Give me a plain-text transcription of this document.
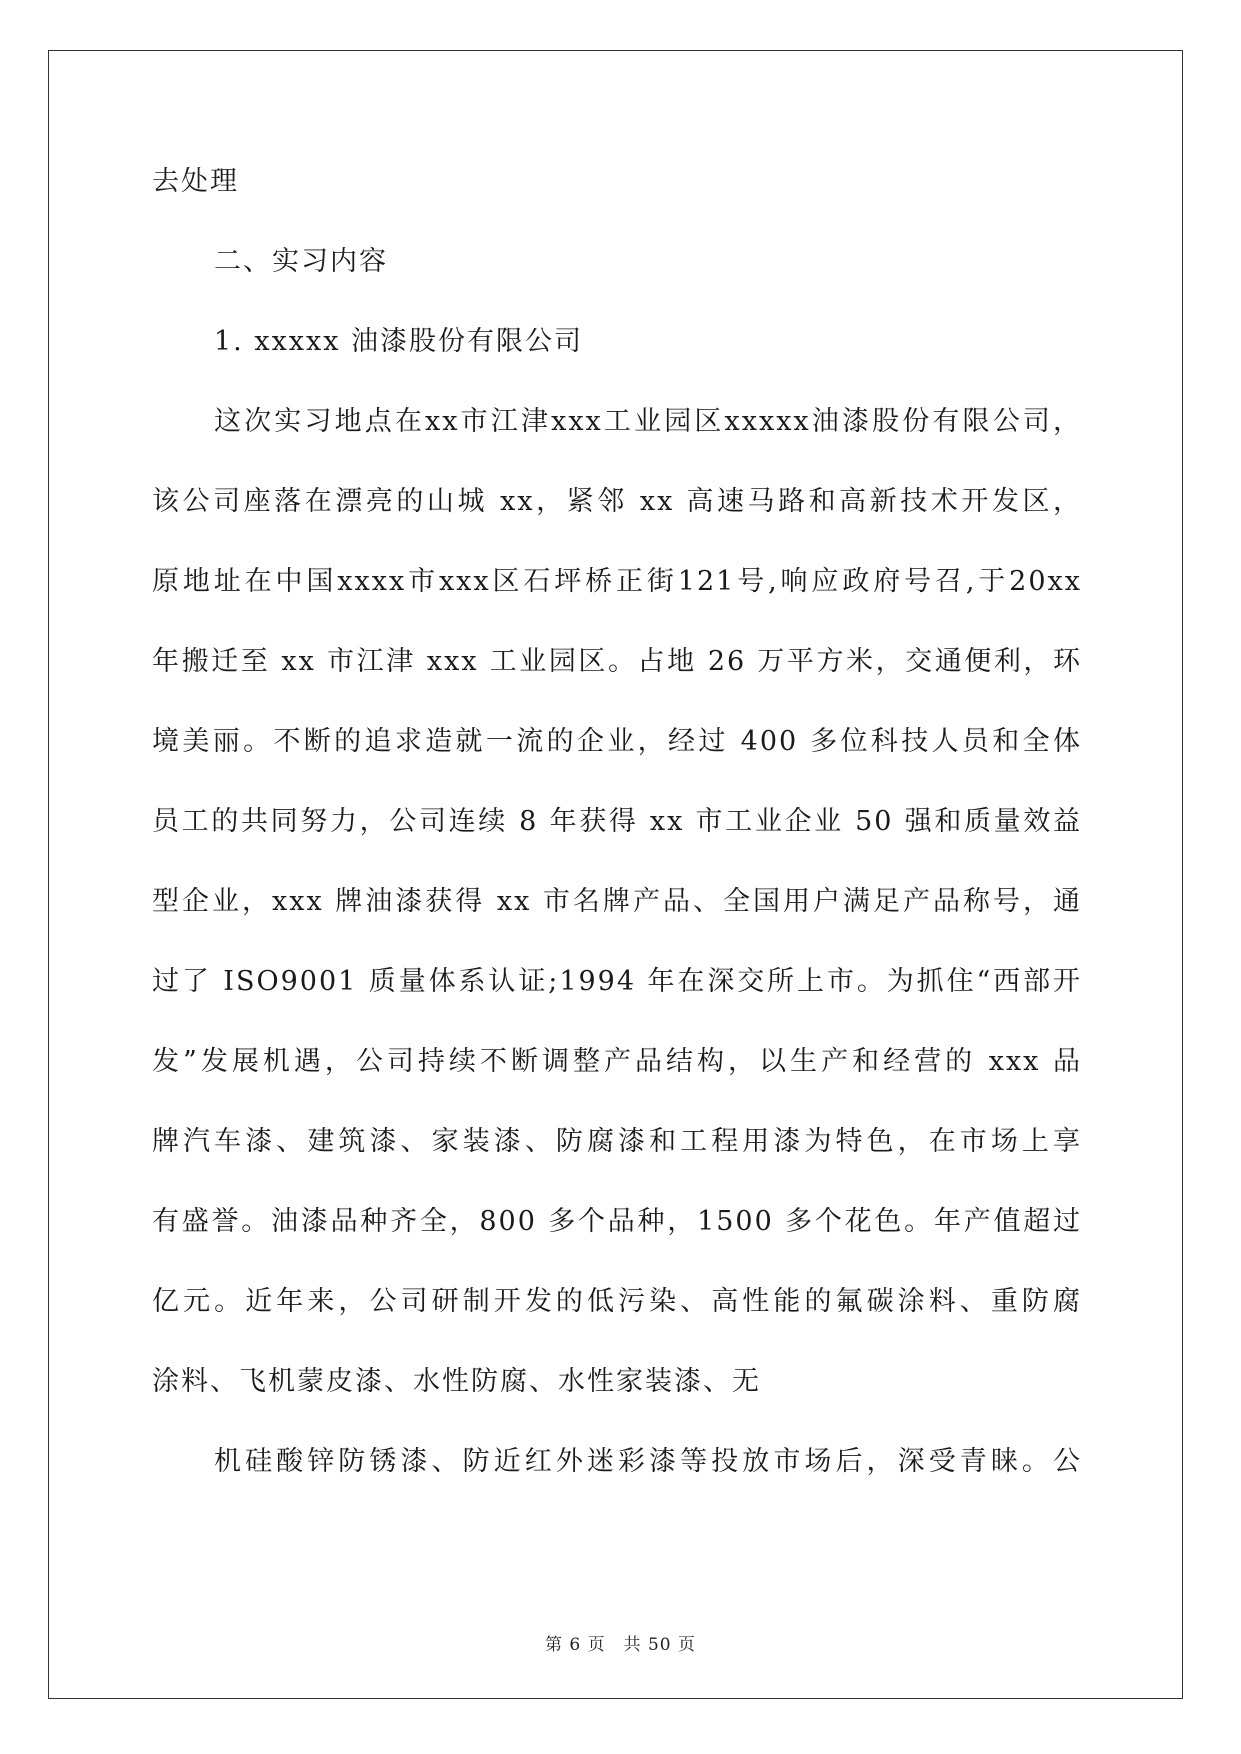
去处理
二、实习内容
1. xxxxx 油漆股份有限公司
这次实习地点在xx市江津xxx工业园区xxxxx油漆股份有限公司，
该公司座落在漂亮的山城 xx，紧邻 xx 高速马路和高新技术开发区，
原地址在中国xxxx市xxx区石坪桥正街121号,响应政府号召,于20xx
年搬迁至 xx 市江津 xxx 工业园区。占地 26 万平方米，交通便利，环
境美丽。不断的追求造就一流的企业，经过 400 多位科技人员和全体
员工的共同努力，公司连续 8 年获得 xx 市工业企业 50 强和质量效益
型企业，xxx 牌油漆获得 xx 市名牌产品、全国用户满足产品称号，通
过了 ISO9001 质量体系认证;1994 年在深交所上市。为抓住“西部开
发”发展机遇，公司持续不断调整产品结构，以生产和经营的 xxx 品
牌汽车漆、建筑漆、家装漆、防腐漆和工程用漆为特色，在市场上享
有盛誉。油漆品种齐全，800 多个品种，1500 多个花色。年产值超过
亿元。近年来，公司研制开发的低污染、高性能的氟碳涂料、重防腐
涂料、飞机蒙皮漆、水性防腐、水性家装漆、无
机硅酸锌防锈漆、防近红外迷彩漆等投放市场后，深受青睐。公
第 6 页　共 50 页
